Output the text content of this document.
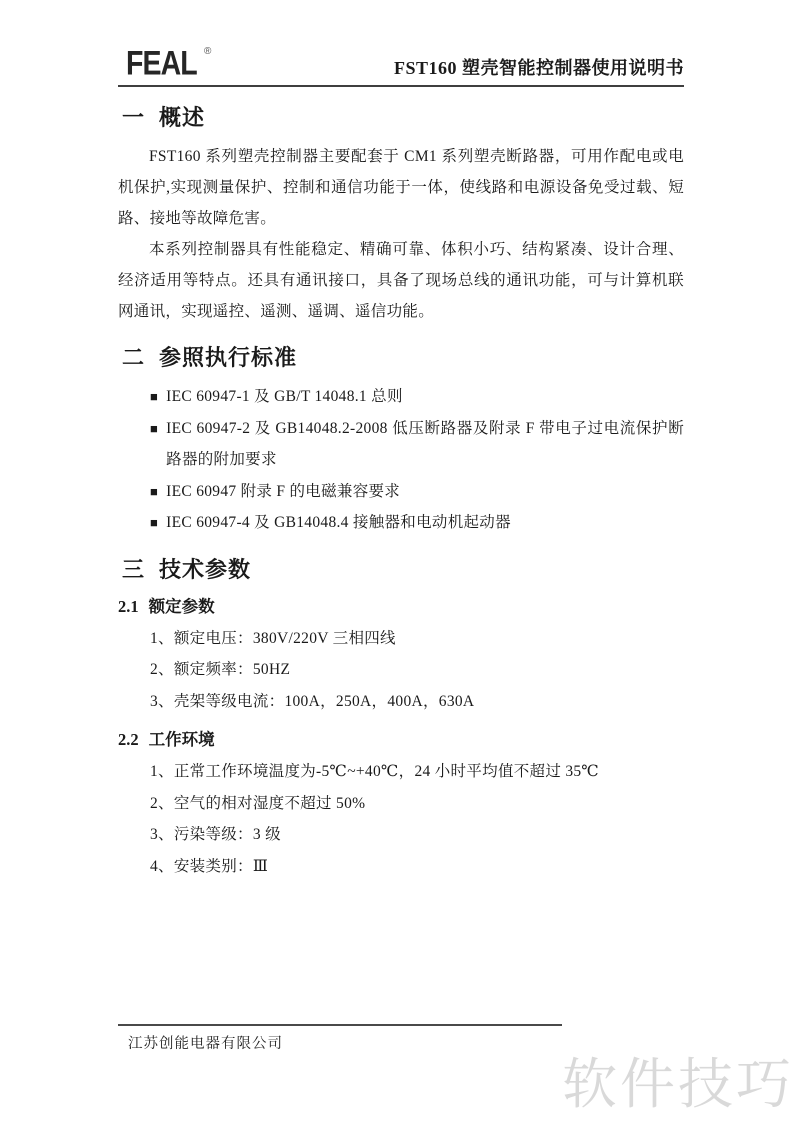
FEAL ®
FST160 塑壳智能控制器使用说明书
一 概述

FST160 系列塑壳控制器主要配套于 CM1 系列塑壳断路器，可用作配电或电机保护,实现测量保护、控制和通信功能于一体，使线路和电源设备免受过载、短路、接地等故障危害。

本系列控制器具有性能稳定、精确可靠、体积小巧、结构紧凑、设计合理、经济适用等特点。还具有通讯接口，具备了现场总线的通讯功能，可与计算机联网通讯，实现遥控、遥测、遥调、遥信功能。

二 参照执行标准
■ IEC 60947-1 及 GB/T 14048.1 总则
■ IEC 60947-2 及 GB14048.2-2008 低压断路器及附录 F 带电子过电流保护断路器的附加要求
■ IEC 60947 附录 F 的电磁兼容要求
■ IEC 60947-4 及 GB14048.4 接触器和电动机起动器
三 技术参数
2.1 额定参数
1、额定电压：380V/220V 三相四线
2、额定频率：50HZ
3、壳架等级电流：100A，250A，400A，630A
2.2 工作环境
1、正常工作环境温度为-5℃~+40℃，24 小时平均值不超过 35℃
2、空气的相对湿度不超过 50%
3、污染等级：3 级
4、安装类别：Ⅲ
江苏创能电器有限公司
软件技巧
